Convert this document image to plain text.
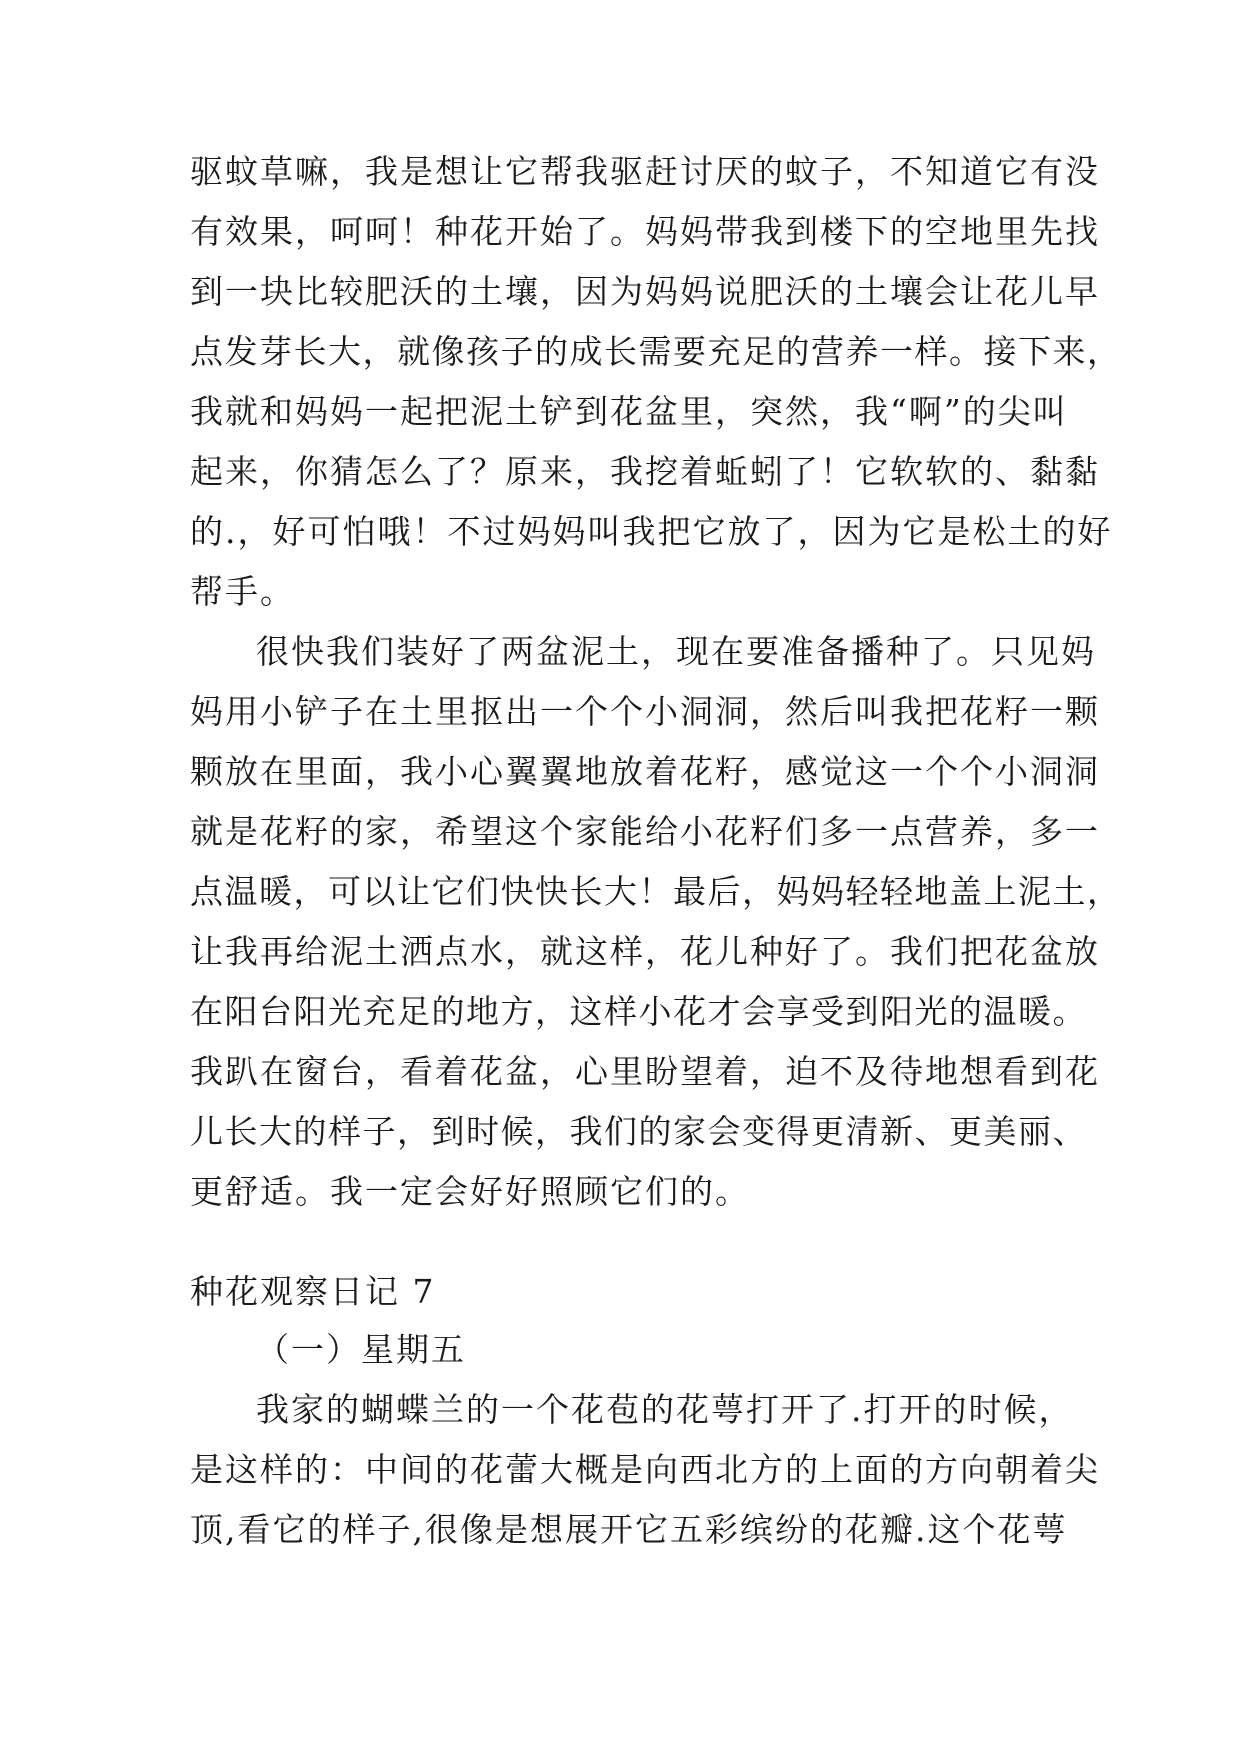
驱蚊草嘛，我是想让它帮我驱赶讨厌的蚊子，不知道它有没
有效果，呵呵！种花开始了。妈妈带我到楼下的空地里先找
到一块比较肥沃的土壤，因为妈妈说肥沃的土壤会让花儿早
点发芽长大，就像孩子的成长需要充足的营养一样。接下来，
我就和妈妈一起把泥土铲到花盆里，突然，我“啊”的尖叫
起来，你猜怎么了？原来，我挖着蚯蚓了！它软软的、黏黏
的.，好可怕哦！不过妈妈叫我把它放了，因为它是松土的好
帮手。
很快我们装好了两盆泥土，现在要准备播种了。只见妈
妈用小铲子在土里抠出一个个小洞洞，然后叫我把花籽一颗
颗放在里面，我小心翼翼地放着花籽，感觉这一个个小洞洞
就是花籽的家，希望这个家能给小花籽们多一点营养，多一
点温暖，可以让它们快快长大！最后，妈妈轻轻地盖上泥土，
让我再给泥土洒点水，就这样，花儿种好了。我们把花盆放
在阳台阳光充足的地方，这样小花才会享受到阳光的温暖。
我趴在窗台，看着花盆，心里盼望着，迫不及待地想看到花
儿长大的样子，到时候，我们的家会变得更清新、更美丽、
更舒适。我一定会好好照顾它们的。
种花观察日记 7
（一）星期五
我家的蝴蝶兰的一个花苞的花萼打开了.打开的时候，
是这样的：中间的花蕾大概是向西北方的上面的方向朝着尖
顶,看它的样子,很像是想展开它五彩缤纷的花瓣.这个花萼
